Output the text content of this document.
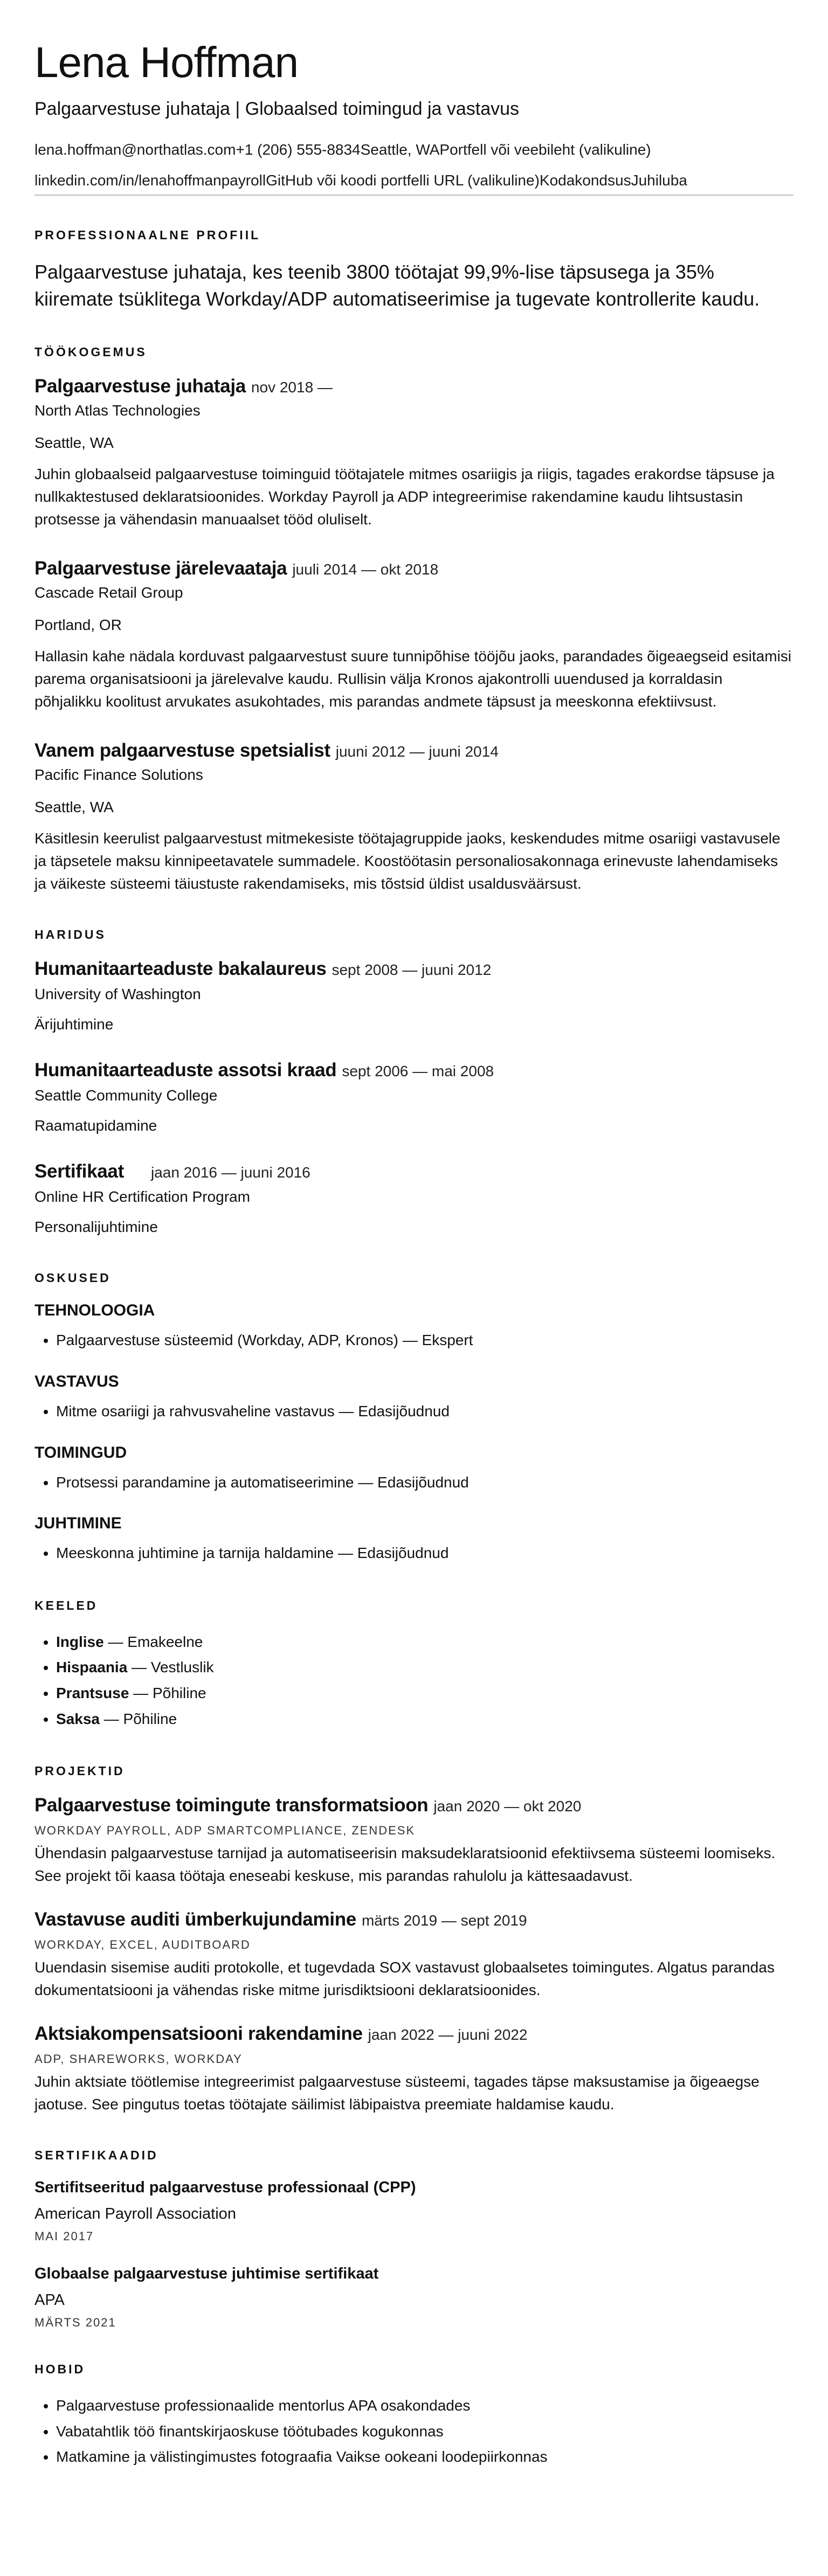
Lena Hoffman
Palgaarvestuse juhataja | Globaalsed toimingud ja vastavus
lena.hoffman@northatlas.com+1 (206) 555-8834Seattle, WAPortfell või veebileht (valikuline)
linkedin.com/in/lenahoffmanpayrollGitHub või koodi portfelli URL (valikuline)KodakondsusJuhiluba
PROFESSIONAALNE PROFIIL
Palgaarvestuse juhataja, kes teenib 3800 töötajat 99,9%-lise täpsusega ja 35% kiiremate tsüklitega Workday/ADP automatiseerimise ja tugevate kontrollerite kaudu.
TÖÖKOGEMUS
Palgaarvestuse juhataja nov 2018 —
North Atlas Technologies
Seattle, WA
Juhin globaalseid palgaarvestuse toiminguid töötajatele mitmes osariigis ja riigis, tagades erakordse täpsuse ja nullkaktestused deklaratsioonides. Workday Payroll ja ADP integreerimise rakendamine kaudu lihtsustasin protsesse ja vähendasin manuaalset tööd oluliselt.
Palgaarvestuse järelevaataja juuli 2014 — okt 2018
Cascade Retail Group
Portland, OR
Hallasin kahe nädala korduvast palgaarvestust suure tunnipõhise tööjõu jaoks, parandades õigeaegseid esitamisi parema organisatsiooni ja järelevalve kaudu. Rullisin välja Kronos ajakontrolli uuendused ja korraldasin põhjalikku koolitust arvukates asukohtades, mis parandas andmete täpsust ja meeskonna efektiivsust.
Vanem palgaarvestuse spetsialist juuni 2012 — juuni 2014
Pacific Finance Solutions
Seattle, WA
Käsitlesin keerulist palgaarvestust mitmekesiste töötajagruppide jaoks, keskendudes mitme osariigi vastavusele ja täpsetele maksu kinnipeetavatele summadele. Koostöötasin personaliosakonnaga erinevuste lahendamiseks ja väikeste süsteemi täiustuste rakendamiseks, mis tõstsid üldist usaldusväärsust.
HARIDUS
Humanitaarteaduste bakalaureus sept 2008 — juuni 2012
University of Washington
Ärijuhtimine
Humanitaarteaduste assotsi kraad sept 2006 — mai 2008
Seattle Community College
Raamatupidamine
Sertifikaat jaan 2016 — juuni 2016
Online HR Certification Program
Personalijuhtimine
OSKUSED
TEHNOLOOGIA
• Palgaarvestuse süsteemid (Workday, ADP, Kronos) — Ekspert
VASTAVUS
• Mitme osariigi ja rahvusvaheline vastavus — Edasijõudnud
TOIMINGUD
• Protsessi parandamine ja automatiseerimine — Edasijõudnud
JUHTIMINE
• Meeskonna juhtimine ja tarnija haldamine — Edasijõudnud
KEELED
• Inglise — Emakeelne
• Hispaania — Vestluslik
• Prantsuse — Põhiline
• Saksa — Põhiline
PROJEKTID
Palgaarvestuse toimingute transformatsioon jaan 2020 — okt 2020
WORKDAY PAYROLL, ADP SMARTCOMPLIANCE, ZENDESK
Ühendasin palgaarvestuse tarnijad ja automatiseerisin maksudeklaratsioonid efektiivsema süsteemi loomiseks. See projekt tõi kaasa töötaja eneseabi keskuse, mis parandas rahulolu ja kättesaadavust.
Vastavuse auditi ümberkujundamine märts 2019 — sept 2019
WORKDAY, EXCEL, AUDITBOARD
Uuendasin sisemise auditi protokolle, et tugevdada SOX vastavust globaalsetes toimingutes. Algatus parandas dokumentatsiooni ja vähendas riske mitme jurisdiktsiooni deklaratsioonides.
Aktsiakompensatsiooni rakendamine jaan 2022 — juuni 2022
ADP, SHAREWORKS, WORKDAY
Juhin aktsiate töötlemise integreerimist palgaarvestuse süsteemi, tagades täpse maksustamise ja õigeaegse jaotuse. See pingutus toetas töötajate säilimist läbipaistva preemiate haldamise kaudu.
SERTIFIKAADID
Sertifitseeritud palgaarvestuse professionaal (CPP)
American Payroll Association
MAI 2017
Globaalse palgaarvestuse juhtimise sertifikaat
APA
MÄRTS 2021
HOBID
• Palgaarvestuse professionaalide mentorlus APA osakondades
• Vabatahtlik töö finantskirjaoskuse töötubades kogukonnas
• Matkamine ja välistingimustes fotograafia Vaikse ookeani loodepiirkonnas
